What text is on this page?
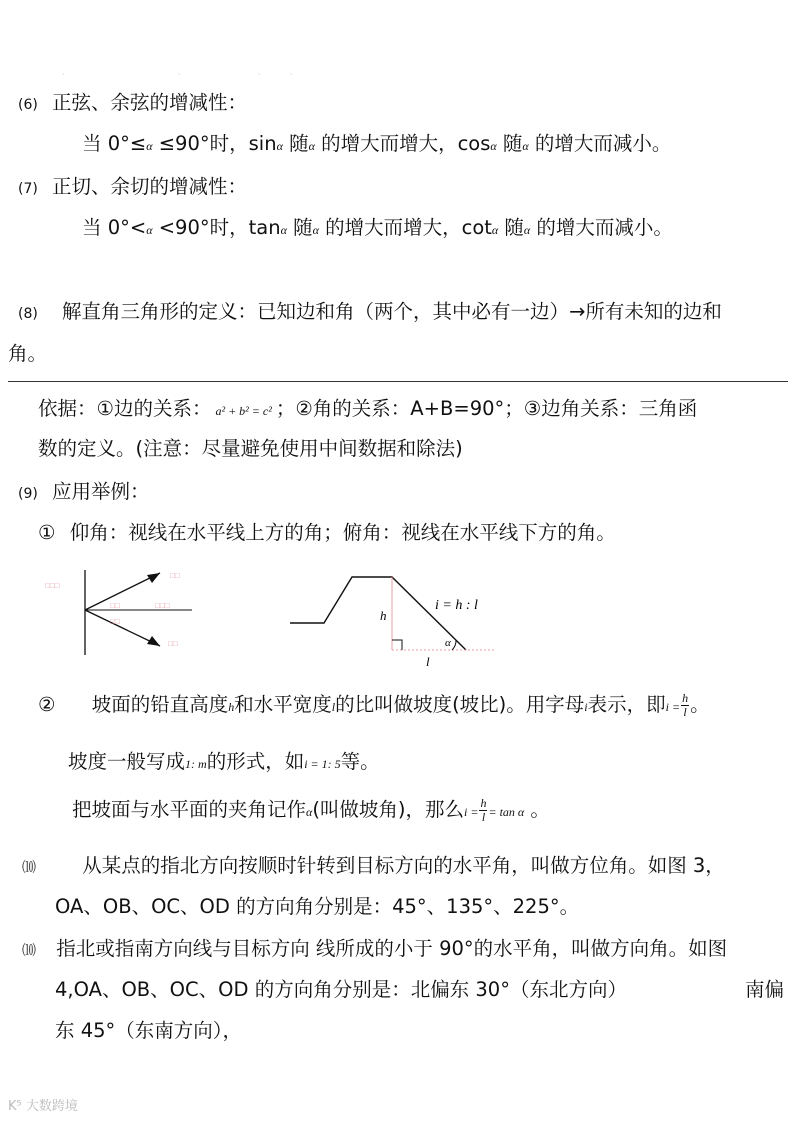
·	·	·	·
(6) 正弦、余弦的增减性：
当 0°≤α ≤90°时，sinα 随α 的增大而增大，cosα 随α 的增大而减小。
(7) 正切、余切的增减性：
当 0°<α <90°时，tanα 随α 的增大而增大，cotα 随α 的增大而减小。
(8) 解直角三角形的定义：已知边和角（两个，其中必有一边）→所有未知的边和
角。
依据：①边的关系： a² + b² = c² ；②角的关系：A+B=90°；③边角关系：三角函
数的定义。(注意：尽量避免使用中间数据和除法)
(9) 应用举例：
① 仰角：视线在水平线上方的角；俯角：视线在水平线下方的角。
□□□
□□
□□	□□□
□□
□□
h
l
α
i = h : l
② 坡面的铅直高度h和水平宽度l的比叫做坡度(坡比)。用字母i表示，即$i = \frac{h}{l}$ 。
坡度一般写成1: m的形式，如i = 1: 5等。
把坡面与水平面的夹角记作α(叫做坡角)，那么$i = \frac{h}{l} = \tan \alpha$ 。
⑽ 从某点的指北方向按顺时针转到目标方向的水平角，叫做方位角。如图 3，
OA、OB、OC、OD 的方向角分别是：45°、135°、225°。
⑽ 指北或指南方向线与目标方向 线所成的小于 90°的水平角，叫做方向角。如图
4,OA、OB、OC、OD 的方向角分别是：北偏东 30°（东北方向）	南偏
东 45°（东南方向），
K⁵ 大数跨境
